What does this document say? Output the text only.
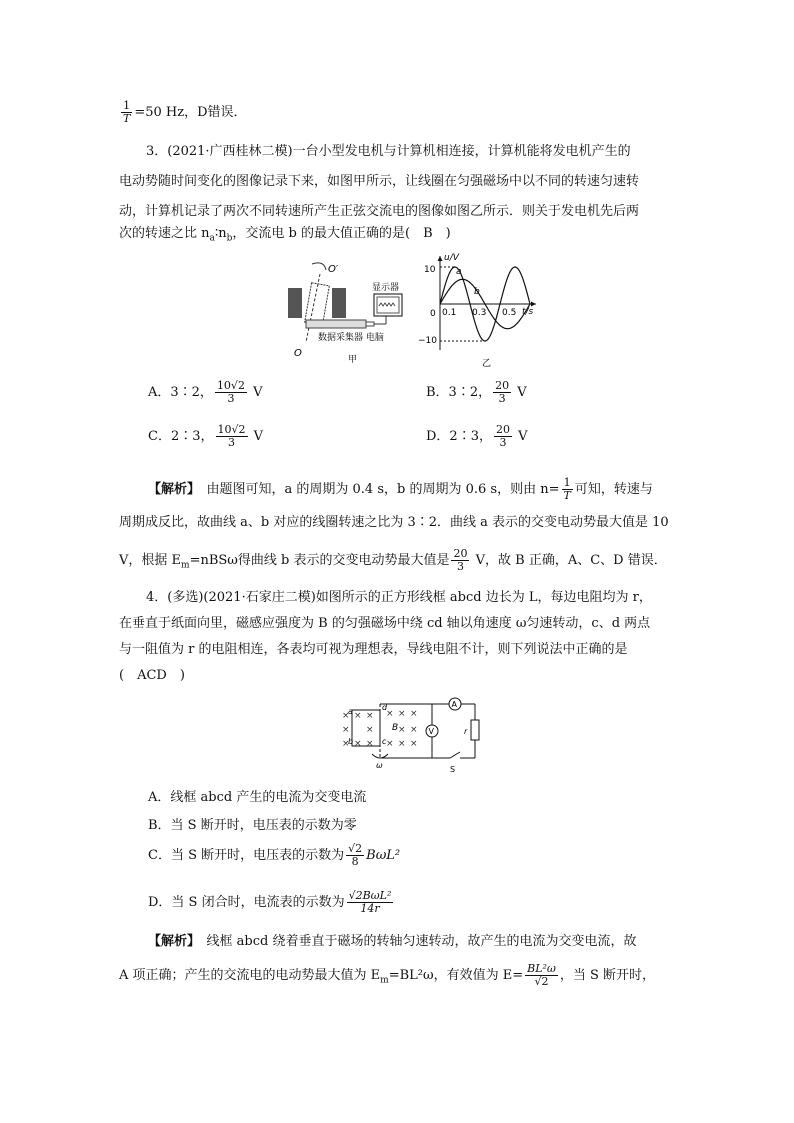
$\frac{1}{T} =50$ Hz，D错误．
3．(2021·广西桂林二模)一台小型发电机与计算机相连接，计算机能将发电机产生的
电动势随时间变化的图像记录下来，如图甲所示，让线圈在匀强磁场中以不同的转速匀速转
动，计算机记录了两次不同转速所产生正弦交流电的图像如图乙所示．则关于发电机先后两
次的转速之比 $n_a∶n_b$，交流电 b 的最大值正确的是(　B　)
O′
O
显示器
数据采集器 电脑
甲
u/V
t/s
0
10
−10
0.1 0.3 0.5
a
b
乙
A．3∶2， $\frac{10√2}{3}$ V	B．3∶2， $\frac{20}{3}$ V
C．2∶3， $\frac{10√2}{3}$ V	D．2∶3， $\frac{20}{3}$ V
【解析】　由题图可知，a 的周期为 0.4 s，b 的周期为 0.6 s，则由 $n= \frac{1}{T}$ 可知，转速与
周期成反比，故曲线 a、b 对应的线圈转速之比为 3∶2．曲线 a 表示的交变电动势最大值是 10
V，根据 $E_m=nBS\omega$得曲线 b 表示的交变电动势最大值是 $\frac{20}{3}$ V，故 B 正确，A、C、D 错误．
4．(多选)(2021·石家庄二模)如图所示的正方形线框 abcd 边长为 L，每边电阻均为 r，
在垂直于纸面向里，磁感应强度为 B 的匀强磁场中绕 cd 轴以角速度 ω匀速转动，c、d 两点
与一阻值为 r 的电阻相连，各表均可视为理想表，导线电阻不计，则下列说法中正确的是
(　ACD　)
× × × × × ×
× ×	× ×
× × × × × ×
a
b	c
d
B
ω	S
V
A
r
A．线框 abcd 产生的电流为交变电流
B．当 S 断开时，电压表的示数为零
C．当 S 断开时，电压表的示数为 $\frac{√2}{8} B\omega L^2$
D．当 S 闭合时，电流表的示数为 $\frac{\text{√2BωL²}}{14r}$
【解析】　线框 abcd 绕着垂直于磁场的转轴匀速转动，故产生的电流为交变电流，故
A 项正确；产生的交流电的电动势最大值为 $E_m=BL^2\omega$，有效值为 $E= \frac{\text{BL²ω}}{√2}$ ，当 S 断开时，
